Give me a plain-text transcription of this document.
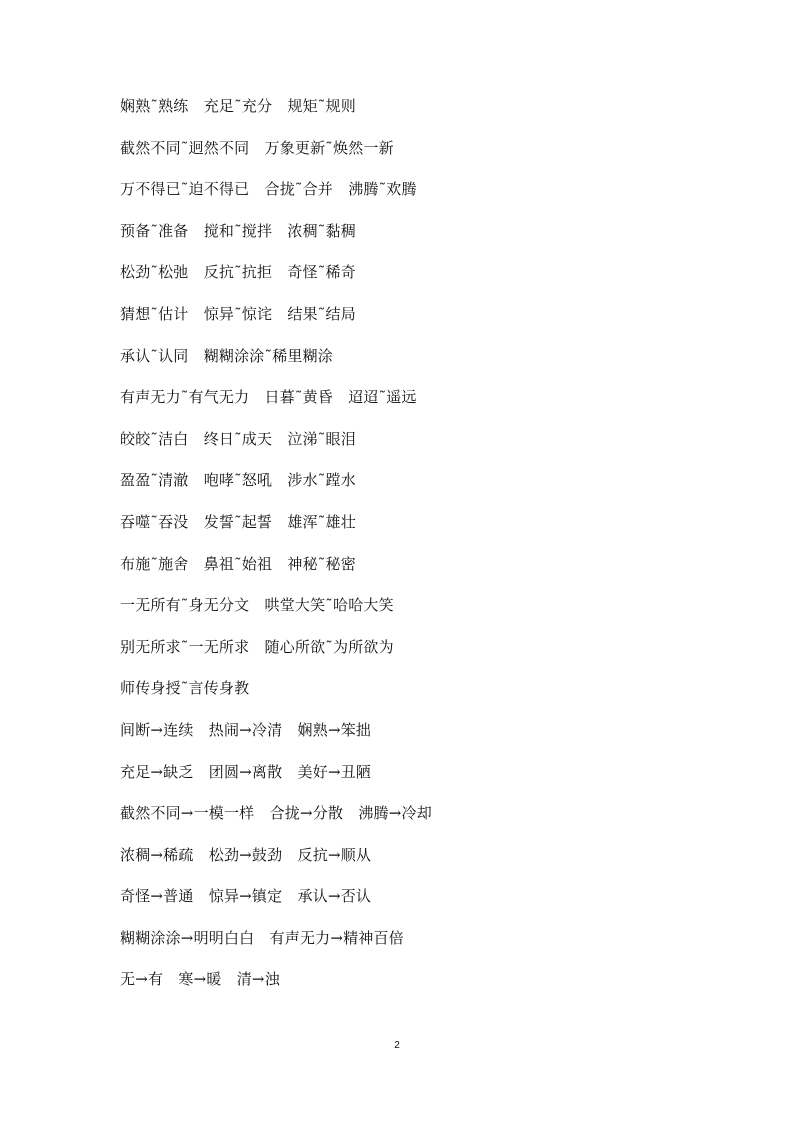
娴熟˜熟练　充足˜充分　规矩˜规则
截然不同˜迥然不同　万象更新˜焕然一新
万不得已˜迫不得已　合拢˜合并　沸腾˜欢腾
预备˜准备　搅和˜搅拌　浓稠˜黏稠
松劲˜松弛　反抗˜抗拒　奇怪˜稀奇
猜想˜估计　惊异˜惊诧　结果˜结局
承认˜认同　糊糊涂涂˜稀里糊涂
有声无力˜有气无力　日暮˜黄昏　迢迢˜遥远
皎皎˜洁白　终日˜成天　泣涕˜眼泪
盈盈˜清澈　咆哮˜怒吼　涉水˜蹚水
吞噬˜吞没　发誓˜起誓　雄浑˜雄壮
布施˜施舍　鼻祖˜始祖　神秘˜秘密
一无所有˜身无分文　哄堂大笑˜哈哈大笑
别无所求˜一无所求　随心所欲˜为所欲为
师传身授˜言传身教
间断→连续　热闹→冷清　娴熟→笨拙
充足→缺乏　团圆→离散　美好→丑陋
截然不同→一模一样　合拢→分散　沸腾→冷却
浓稠→稀疏　松劲→鼓劲　反抗→顺从
奇怪→普通　惊异→镇定　承认→否认
糊糊涂涂→明明白白　有声无力→精神百倍
无→有　寒→暖　清→浊
2
